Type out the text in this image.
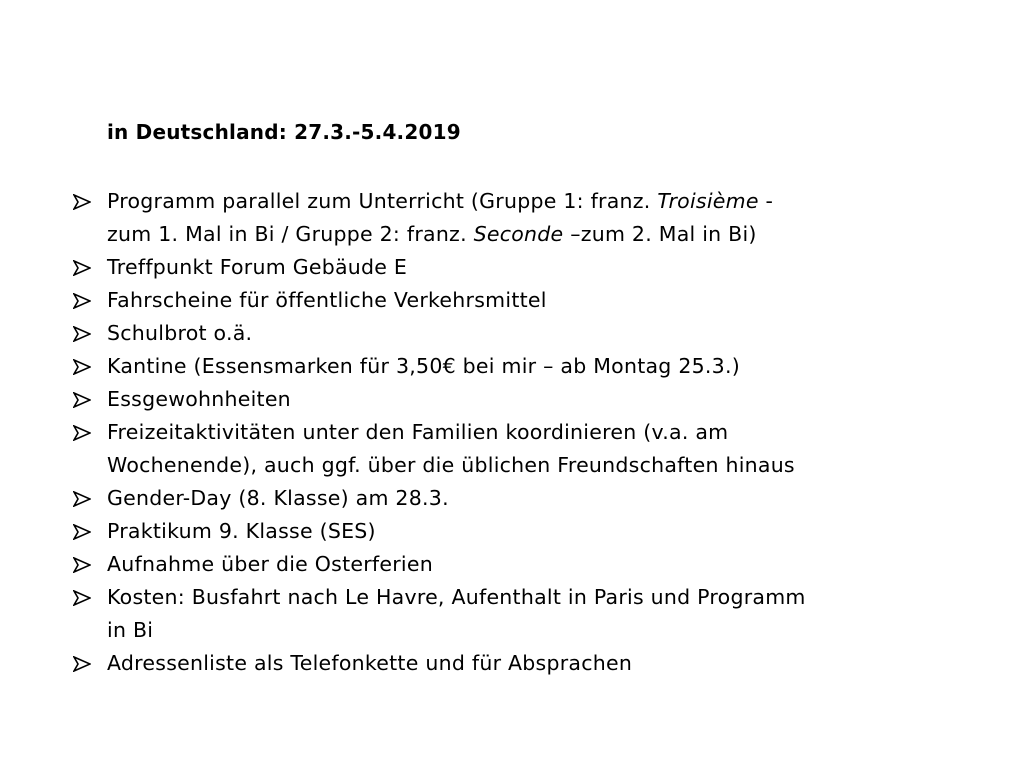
in Deutschland: 27.3.-5.4.2019
Programm parallel zum Unterricht (Gruppe 1: franz. Troisième -
zum 1. Mal in Bi / Gruppe 2: franz. Seconde –zum 2. Mal in Bi)
Treffpunkt Forum Gebäude E
Fahrscheine für öffentliche Verkehrsmittel
Schulbrot o.ä.
Kantine (Essensmarken für 3,50€ bei mir – ab Montag 25.3.)
Essgewohnheiten
Freizeitaktivitäten unter den Familien koordinieren (v.a. am
Wochenende), auch ggf. über die üblichen Freundschaften hinaus
Gender-Day (8. Klasse) am 28.3.
Praktikum 9. Klasse (SES)
Aufnahme über die Osterferien
Kosten: Busfahrt nach Le Havre, Aufenthalt in Paris und Programm
in Bi
Adressenliste als Telefonkette und für Absprachen
